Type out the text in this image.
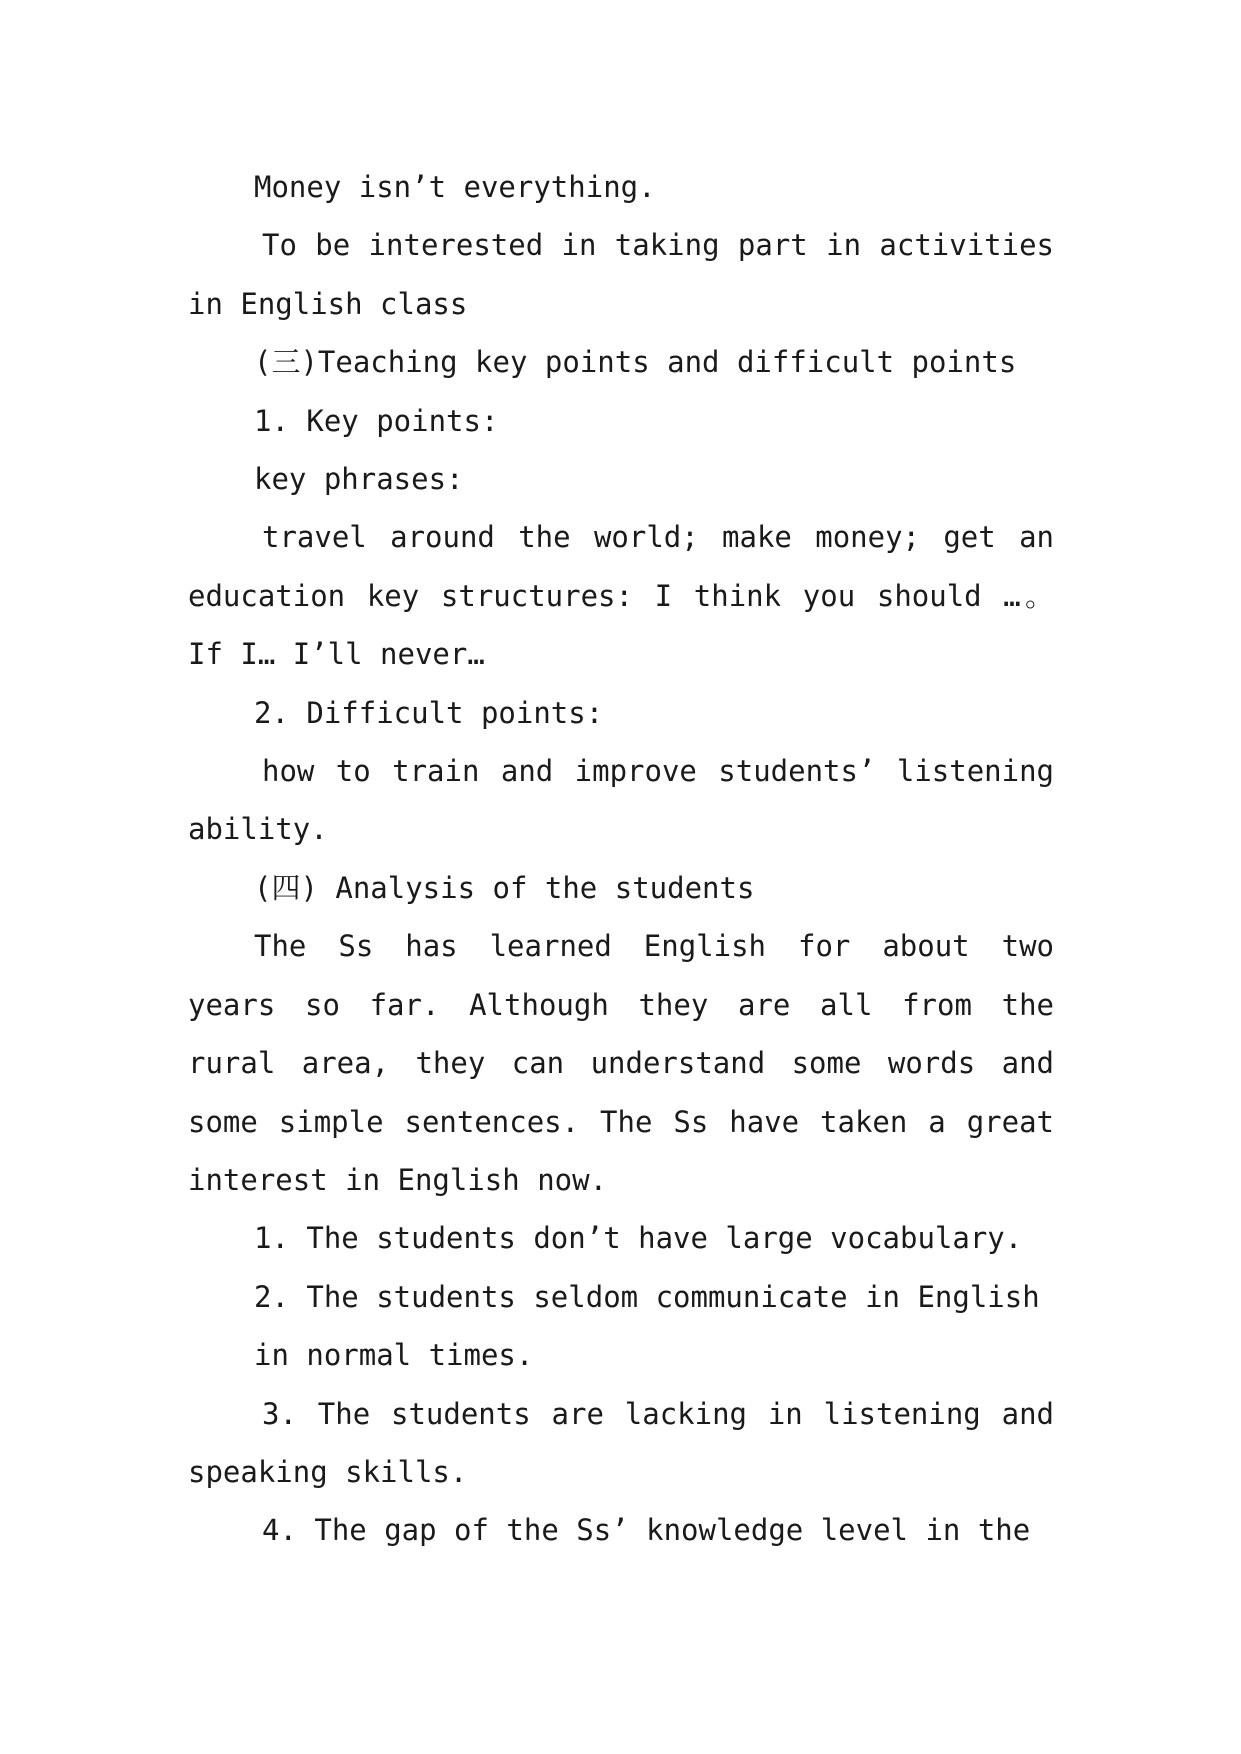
Money isn’t everything.

To be interested in taking part in activities in English class

(三)Teaching key points and difficult points

1. Key points:

key phrases:

travel around the world; make money; get an education key structures: I think you should …。If I… I’ll never…

2. Difficult points:

how to train and improve students’ listening ability.

(四) Analysis of the students

The Ss has learned English for about two years so far. Although they are all from the rural area, they can understand some words and some simple sentences. The Ss have taken a great interest in English now.

1. The students don’t have large vocabulary.

2. The students seldom communicate in English

in normal times.

3. The students are lacking in listening and speaking skills.

4. The gap of the Ss’ knowledge level in the
